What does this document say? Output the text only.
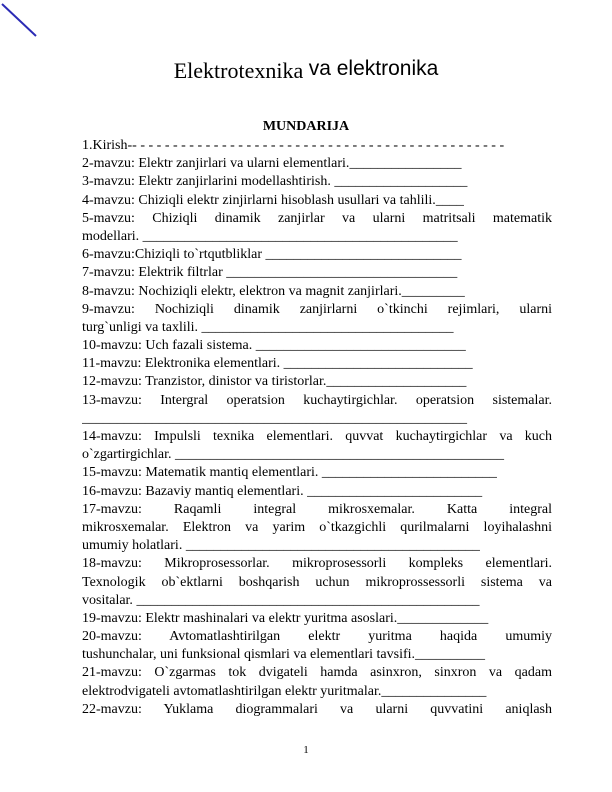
Elektrotexnika va elektronika
MUNDARIJA
1.Kirish-- - - - - - - - - - - - - - - - - - - - - - - - - - - - - - - - - - - - - - - - - - - - - -
2-mavzu: Elektr zanjirlari va ularni elementlari.________________
3-mavzu: Elektr zanjirlarini modellashtirish. ___________________
4-mavzu: Chiziqli elektr zinjirlarni hisoblash usullari va tahlili.____
5-mavzu: Chiziqli dinamik zanjirlar va ularni matritsali matematik
modellari. _____________________________________________
6-mavzu:Chiziqli to`rtqutbliklar ____________________________
7-mavzu: Elektrik filtrlar _________________________________
8-mavzu: Nochiziqli elektr, elektron va magnit zanjirlari._________
9-mavzu: Nochiziqli dinamik zanjirlarni o`tkinchi rejimlari, ularni
turg`unligi va taxlili. ____________________________________
10-mavzu: Uch fazali sistema. ______________________________
11-mavzu: Elektronika elementlari. ___________________________
12-mavzu: Tranzistor, dinistor va tiristorlar.____________________
13-mavzu: Intergral operatsion kuchaytirgichlar. operatsion sistemalar.
_______________________________________________________
14-mavzu: Impulsli texnika elementlari. quvvat kuchaytirgichlar va kuch
o`zgartirgichlar. _______________________________________________
15-mavzu: Matematik mantiq elementlari. _________________________
16-mavzu: Bazaviy mantiq elementlari. _________________________
17-mavzu: Raqamli integral mikrosxemalar. Katta integral
mikrosxemalar. Elektron va yarim o`tkazgichli qurilmalarni loyihalashni
umumiy holatlari. __________________________________________
18-mavzu: Mikroprosessorlar. mikroprosessorli kompleks elementlari.
Texnologik ob`ektlarni boshqarish uchun mikroprossessorli sistema va
vositalar. _________________________________________________
19-mavzu: Elektr mashinalari va elektr yuritma asoslari._____________
20-mavzu: Avtomatlashtirilgan elektr yuritma haqida umumiy
tushunchalar, uni funksional qismlari va elementlari tavsifi.__________
21-mavzu: O`zgarmas tok dvigateli hamda asinxron, sinxron va qadam
elektrodvigateli avtomatlashtirilgan elektr yuritmalar._______________
22-mavzu: Yuklama diogrammalari va ularni quvvatini aniqlash
1
